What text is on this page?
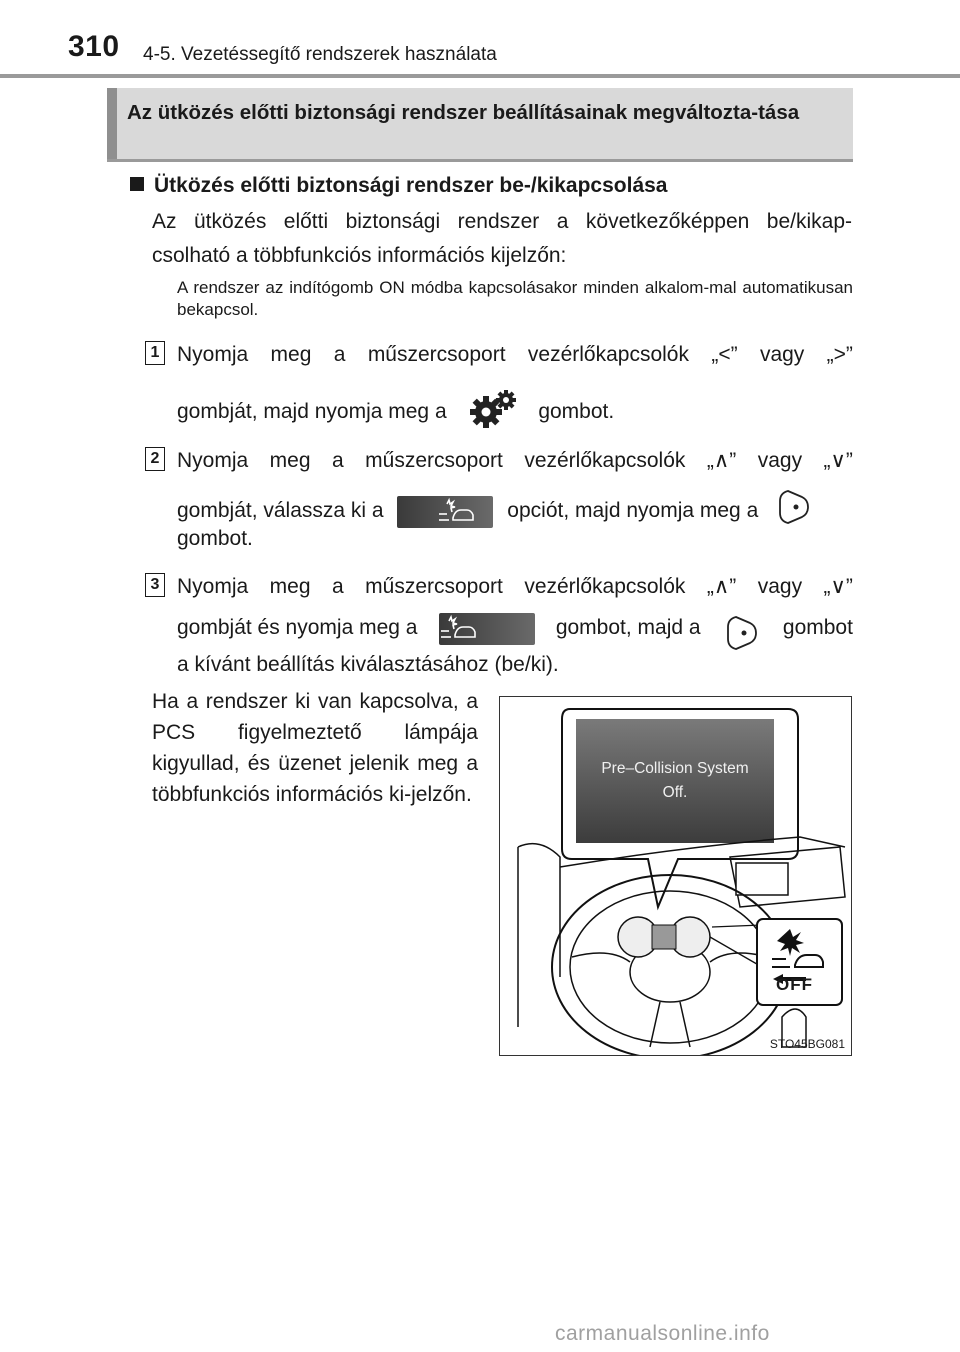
310 4-5. Vezetéssegítő rendszerek használata
Az ütközés előtti biztonsági rendszer beállításainak megváltozta-tása
Ütközés előtti biztonsági rendszer be-/kikapcsolása
Az ütközés előtti biztonsági rendszer a következőképpen be/kikap-
csolható a többfunkciós információs kijelzőn:
A rendszer az indítógomb ON módba kapcsolásakor minden alkalom-mal automatikusan bekapcsol.
1 Nyomja meg a műszercsoport vezérlőkapcsolók „<” vagy „>”
gombját, majd nyomja meg a	gombot.
2 Nyomja meg a műszercsoport vezérlőkapcsolók „∧” vagy „∨”
gombját, válassza ki a	opciót, majd nyomja meg a
gombot.
3 Nyomja meg a műszercsoport vezérlőkapcsolók „∧” vagy „∨”
gombját és nyomja meg a	gombot, majd a	gombot
a kívánt beállítás kiválasztásához (be/ki).
Ha a rendszer ki van kapcsolva, a PCS figyelmeztető lámpája kigyullad, és üzenet jelenik meg a többfunkciós információs ki-jelzőn.
Pre‒Collision System
Off.
OFF
STO45BG081
carmanualsonline.info
